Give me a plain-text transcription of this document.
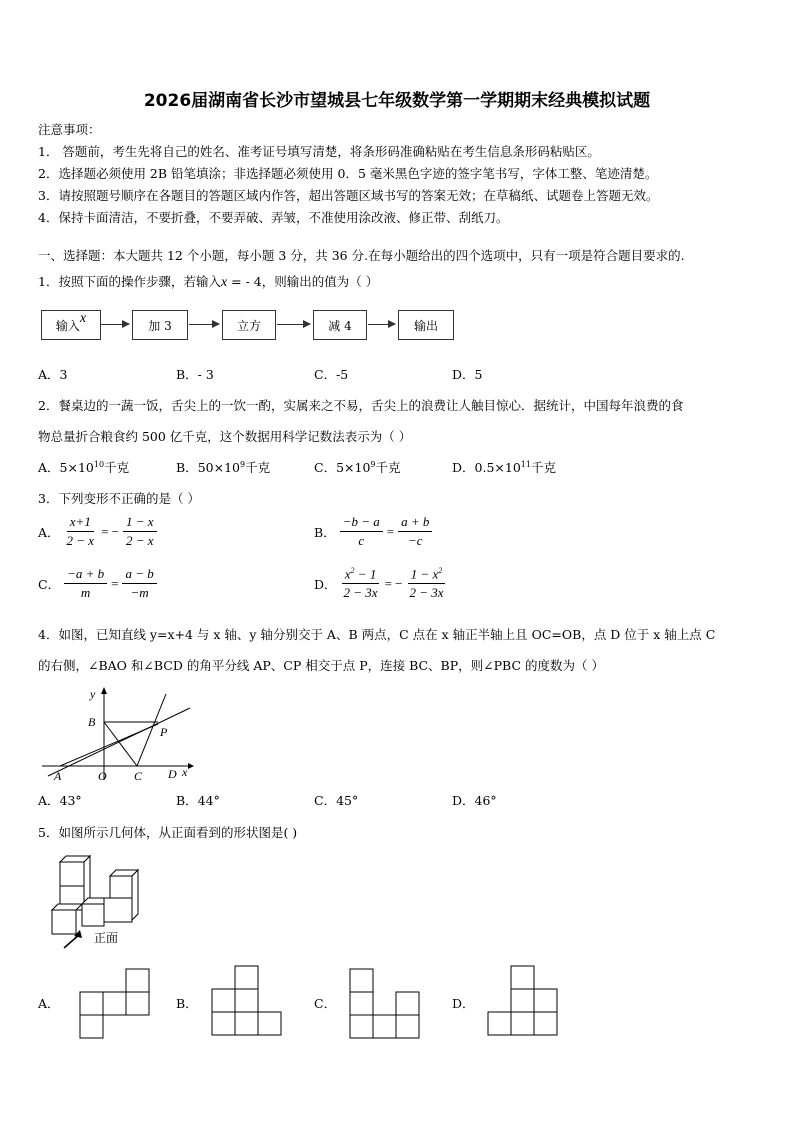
2026届湖南省长沙市望城县七年级数学第一学期期末经典模拟试题
注意事项：
1． 答题前，考生先将自己的姓名、准考证号填写清楚，将条形码准确粘贴在考生信息条形码粘贴区。
2．选择题必须使用 2B 铅笔填涂；非选择题必须使用 0．5 毫米黑色字迹的签字笔书写，字体工整、笔迹清楚。
3．请按照题号顺序在各题目的答题区域内作答，超出答题区域书写的答案无效；在草稿纸、试题卷上答题无效。
4．保持卡面清洁，不要折叠，不要弄破、弄皱，不准使用涂改液、修正带、刮纸刀。
一、选择题：本大题共 12 个小题，每小题 3 分，共 36 分.在每小题给出的四个选项中，只有一项是符合题目要求的.
1．按照下面的操作步骤，若输入x = - 4，则输出的值为（ ）
输入 x	加 3	立方	减 4	输出
A．3	B．- 3	C．-5	D．5
2．餐桌边的一蔬一饭，舌尖上的一饮一酌，实属来之不易，舌尖上的浪费让人触目惊心．据统计，中国每年浪费的食
物总量折合粮食约 500 亿千克，这个数据用科学记数法表示为（ ）
A．$5\times 10^{10}$千克	B．$50\times 10^9$千克	C．$5\times 10^9$千克	D．$0.5\times 10^{11}$千克
3．下列变形不正确的是（ ）
A． $\frac{x+1}{2 - x}$ = − $\frac{1 - x}{2 - x}$	B． $\frac{-b - a}{c} = \frac{a + b}{-c}$
C． $\frac{-a + b}{m} = \frac{a - b}{-m}$	D． $\frac{x^2 - 1}{2 - 3x}$ = − $\frac{1 - x^2}{2 - 3x}$
4．如图，已知直线 y=x+4 与 x 轴、y 轴分别交于 A、B 两点，C 点在 x 轴正半轴上且 OC=OB，点 D 位于 x 轴上点 C
的右侧，∠BAO 和∠BCD 的角平分线 AP、CP 相交于点 P，连接 BC、BP，则∠PBC 的度数为（ ）
y
B
P
A	O C D x
A．43°	B．44°	C．45°	D．46°
5．如图所示几何体，从正面看到的形状图是( )
正面
A．	B．	C．	D．
